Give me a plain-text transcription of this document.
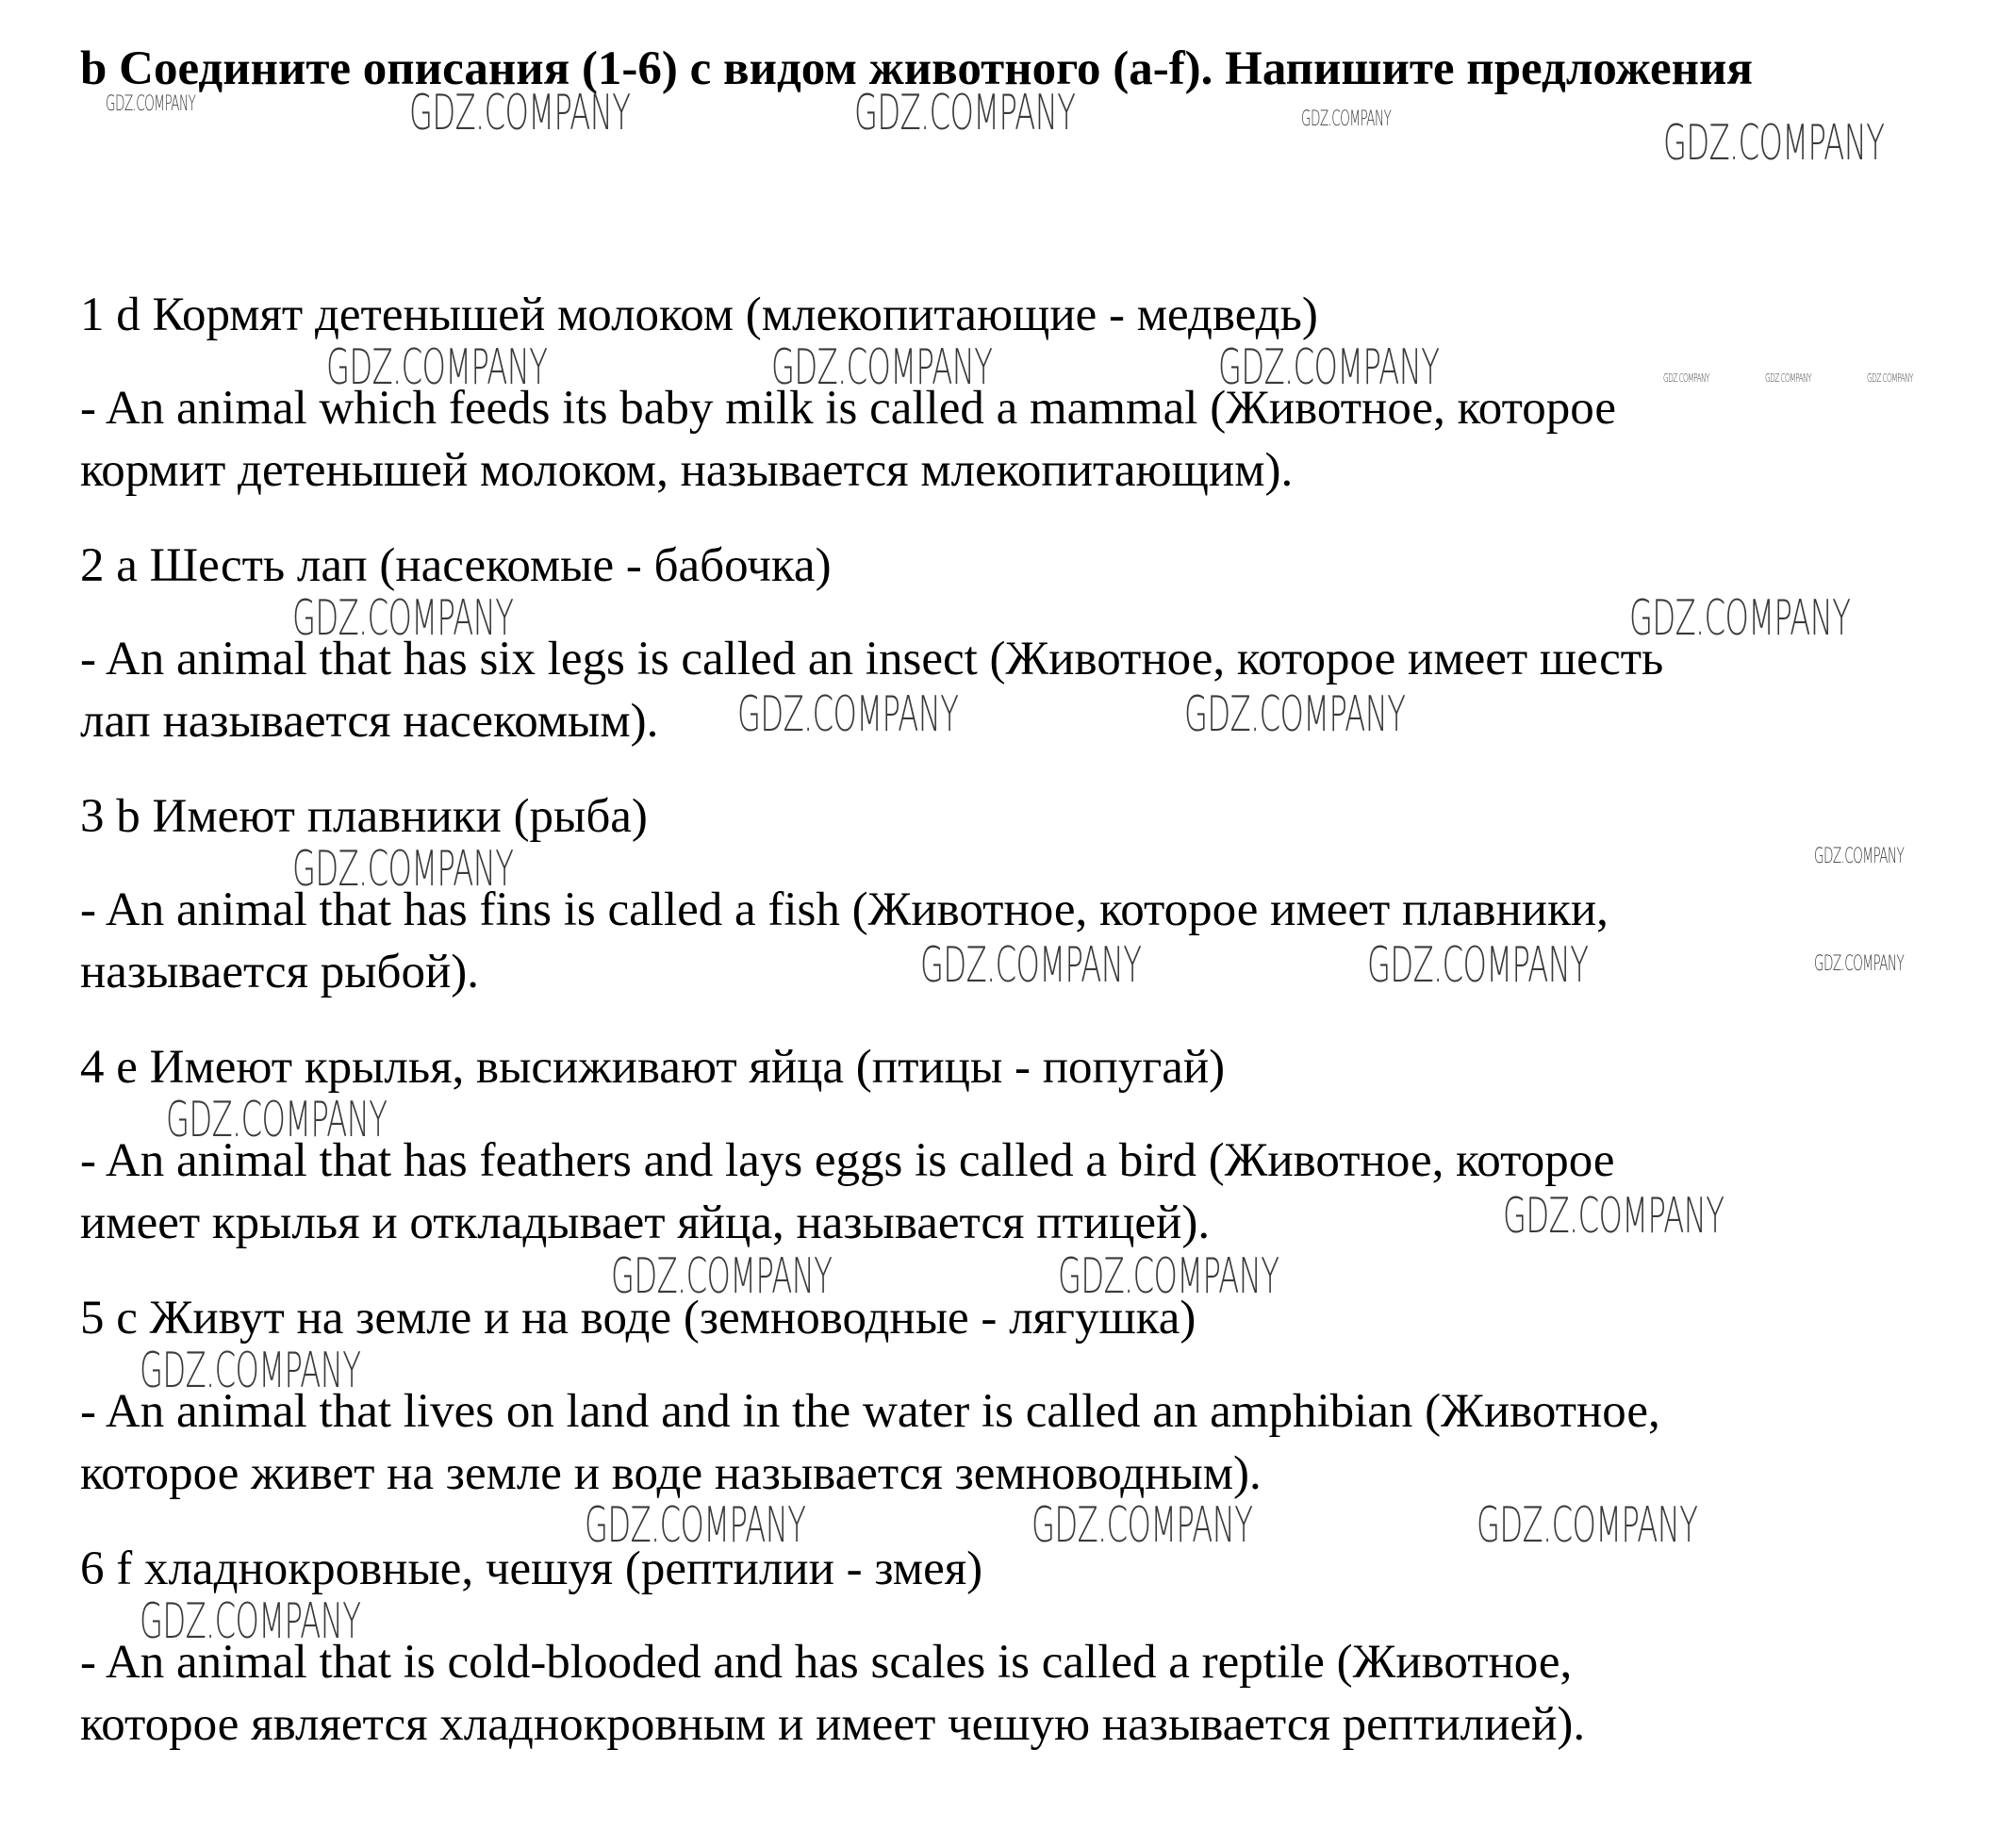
b Соедините описания (1-6) с видом животного (a-f). Напишите предложения

1 d Кормят детенышей молоком (млекопитающие - медведь)

- An animal which feeds its baby milk is called a mammal (Животное, которое

кормит детенышей молоком, называется млекопитающим).

2 a Шесть лап (насекомые - бабочка)

- An animal that has six legs is called an insect (Животное, которое имеет шесть

лап называется насекомым).

3 b Имеют плавники (рыба)

- An animal that has fins is called a fish (Животное, которое имеет плавники,

называется рыбой).

4 e Имеют крылья, высиживают яйца (птицы - попугай)

- An animal that has feathers and lays eggs is called a bird (Животное, которое

имеет крылья и откладывает яйца, называется птицей).

5 c Живут на земле и на воде (земноводные - лягушка)

- An animal that lives on land and in the water is called an amphibian (Животное,

которое живет на земле и воде называется земноводным).

6 f хладнокровные, чешуя (рептилии - змея)

- An animal that is cold-blooded and has scales is called a reptile (Животное,

которое является хладнокровным и имеет чешую называется рептилией).

GDZ.COMPANY	GDZ.COMPANY	GDZ.COMPANY	GDZ.COMPANY	GDZ.COMPANY
GDZ.COMPANY	GDZ.COMPANY	GDZ.COMPANY	GDZ.COMPANY	GDZ.COMPANY	GDZ.COMPANY
GDZ.COMPANY	GDZ.COMPANY
GDZ.COMPANY	GDZ.COMPANY
GDZ.COMPANY	GDZ.COMPANY
GDZ.COMPANY	GDZ.COMPANY	GDZ.COMPANY
GDZ.COMPANY
GDZ.COMPANY
GDZ.COMPANY	GDZ.COMPANY
GDZ.COMPANY
GDZ.COMPANY	GDZ.COMPANY	GDZ.COMPANY
GDZ.COMPANY
